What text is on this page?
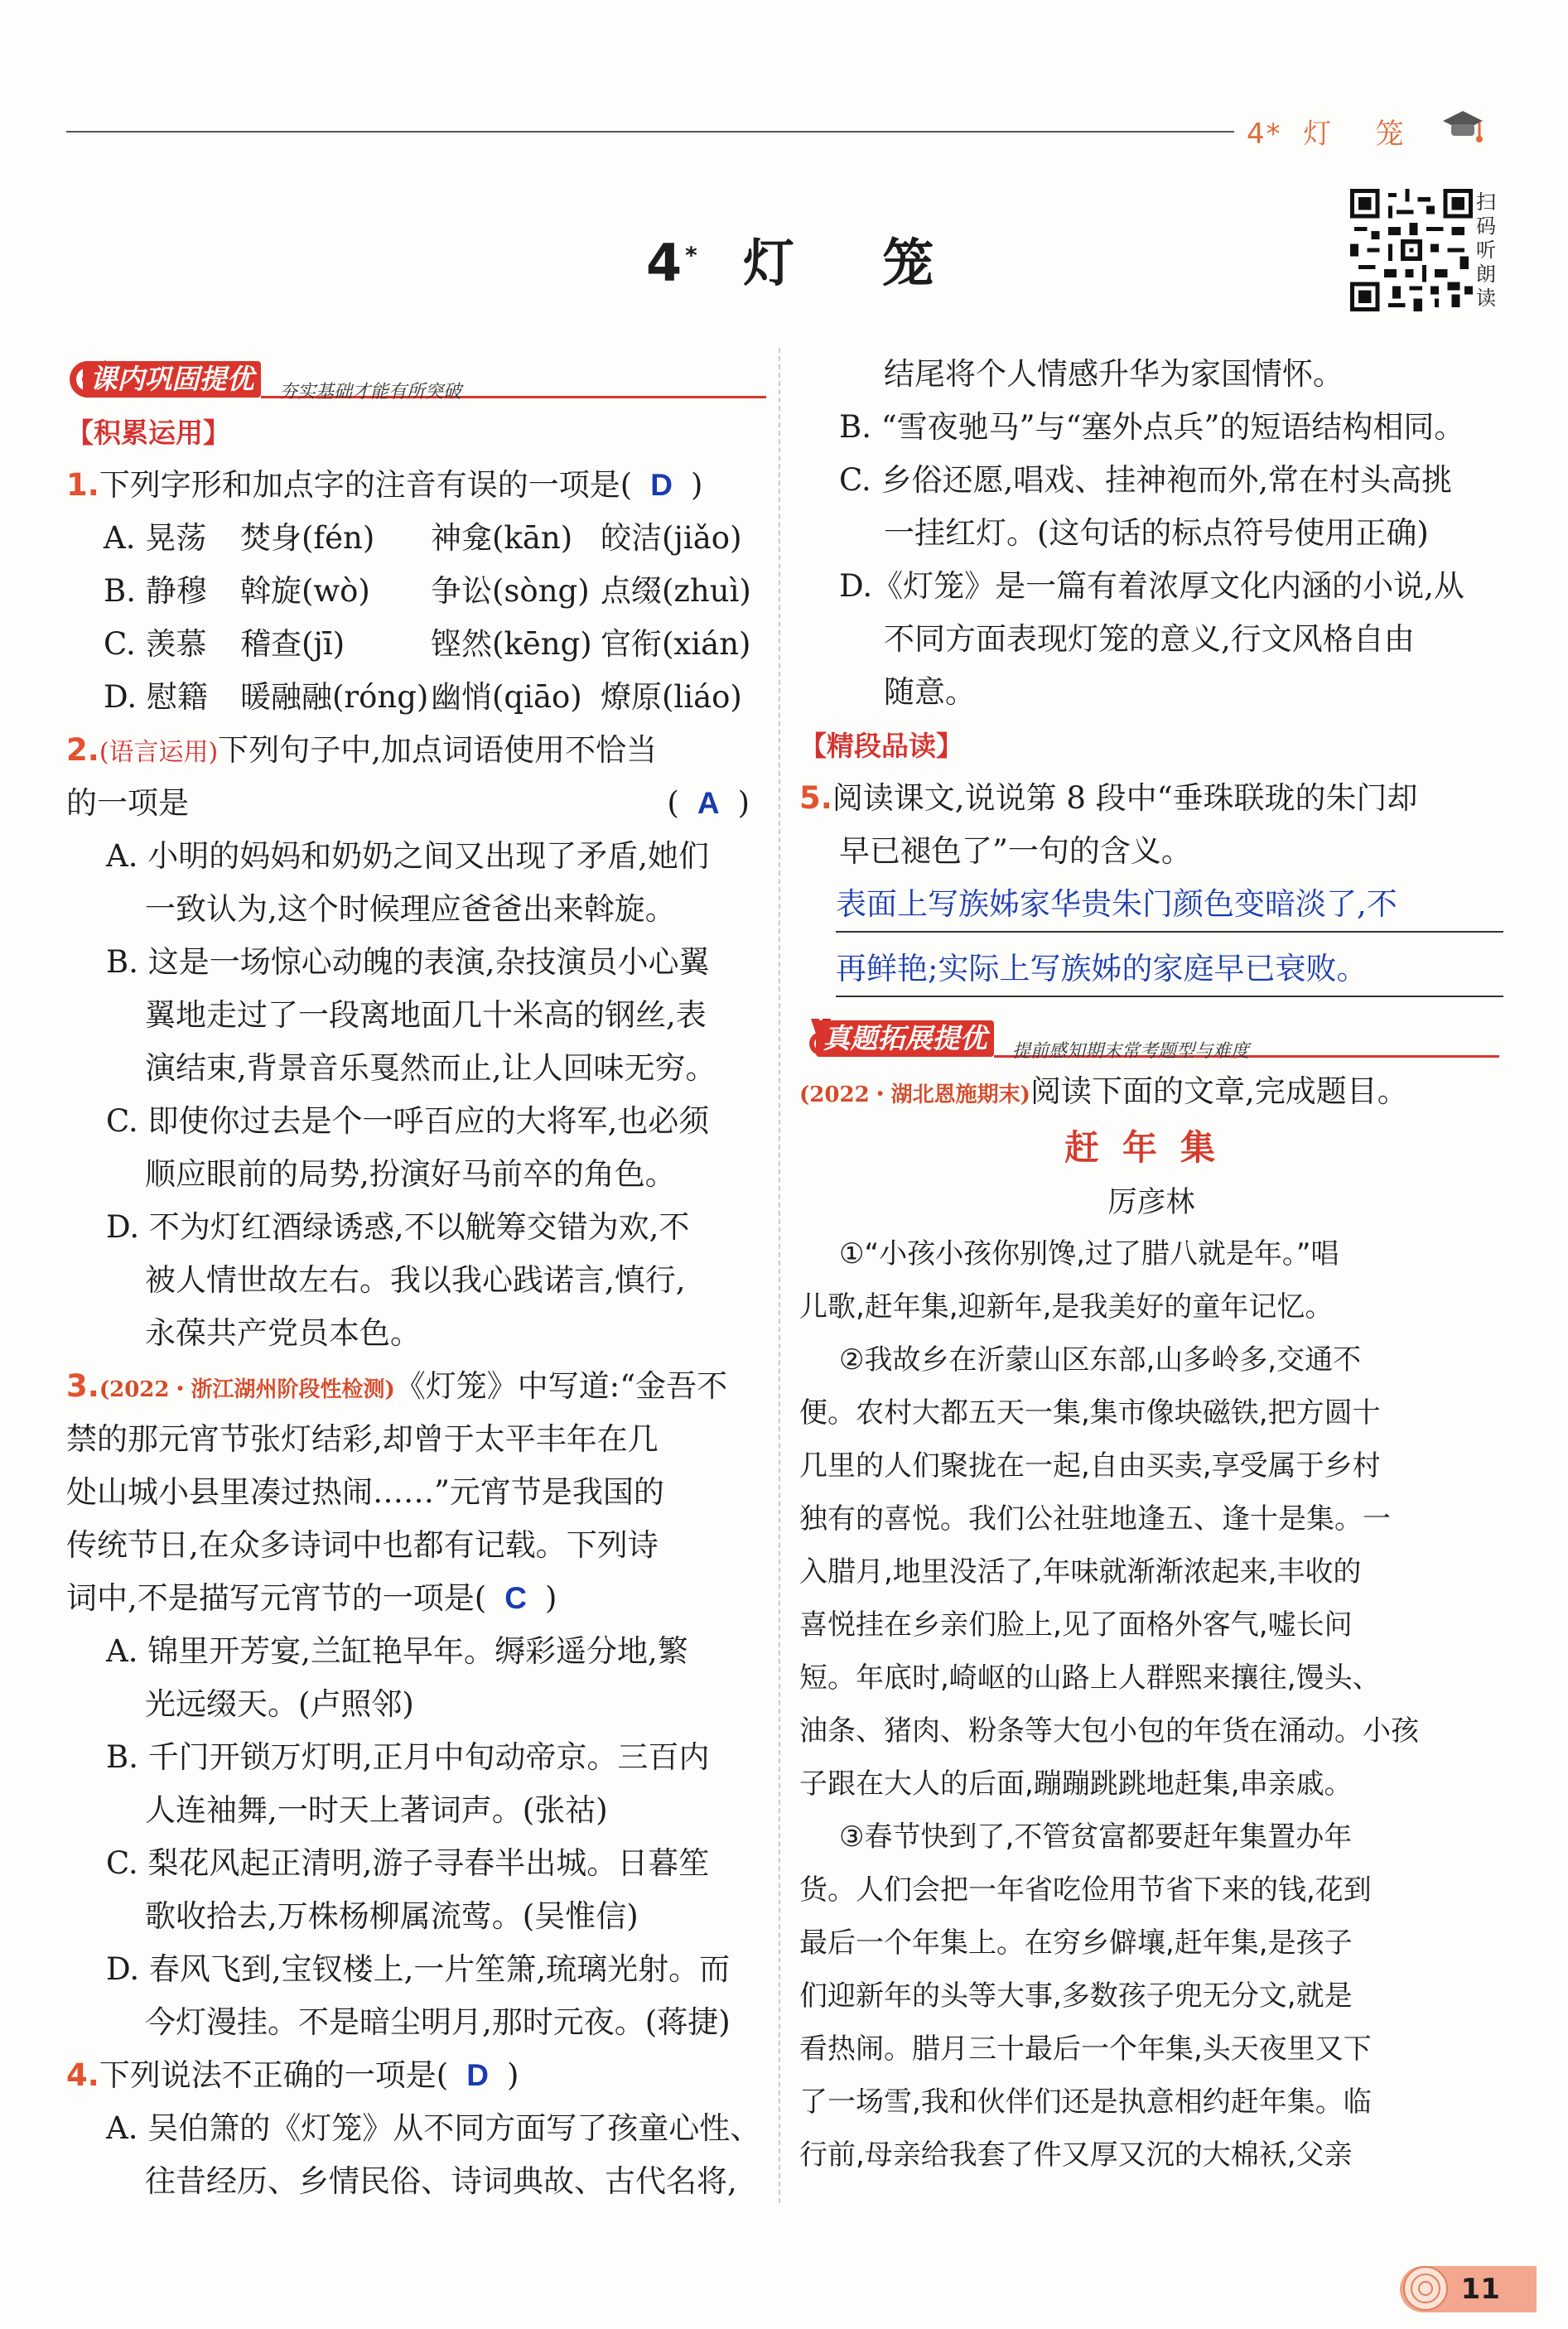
4*  灯    笼
4*  灯    笼
扫码听朗读
课内巩固提优	夯实基础才能有所突破
【积累运用】
1.下列字形和加点字的注音有误的一项是( D )
A. 晃荡	焚身(fén)	神龛(kān) 皎洁(jiǎo)
B. 静穆	斡旋(wò)	争讼(sòng) 点缀(zhuì)
C. 羡慕	稽查(jī)	铿然(kēng) 官衔(xián)
D. 慰籍	暖融融(róng) 幽悄(qiāo) 燎原(liáo)
2.(语言运用)下列句子中,加点词语使用不恰当
的一项是	( A )
A. 小明的妈妈和奶奶之间又出现了矛盾,她们
一致认为,这个时候理应爸爸出来斡旋。
B. 这是一场惊心动魄的表演,杂技演员小心翼
翼地走过了一段离地面几十米高的钢丝,表
演结束,背景音乐戛然而止,让人回味无穷。
C. 即使你过去是个一呼百应的大将军,也必须
顺应眼前的局势,扮演好马前卒的角色。
D. 不为灯红酒绿诱惑,不以觥筹交错为欢,不
被人情世故左右。我以我心践诺言,慎行,
永葆共产党员本色。
3.(2022・浙江湖州阶段性检测)《灯笼》中写道:“金吾不
禁的那元宵节张灯结彩,却曾于太平丰年在几
处山城小县里凑过热闹……”元宵节是我国的
传统节日,在众多诗词中也都有记载。下列诗
词中,不是描写元宵节的一项是( C )
A. 锦里开芳宴,兰缸艳早年。缛彩遥分地,繁
光远缀天。(卢照邻)
B. 千门开锁万灯明,正月中旬动帝京。三百内
人连袖舞,一时天上著词声。(张祜)
C. 梨花风起正清明,游子寻春半出城。日暮笙
歌收拾去,万株杨柳属流莺。(吴惟信)
D. 春风飞到,宝钗楼上,一片笙箫,琉璃光射。而
今灯漫挂。不是暗尘明月,那时元夜。(蒋捷)
4.下列说法不正确的一项是( D )
A. 吴伯箫的《灯笼》从不同方面写了孩童心性、
往昔经历、乡情民俗、诗词典故、古代名将,
结尾将个人情感升华为家国情怀。
B. “雪夜驰马”与“塞外点兵”的短语结构相同。
C. 乡俗还愿,唱戏、挂神袍而外,常在村头高挑
一挂红灯。(这句话的标点符号使用正确)
D.《灯笼》是一篇有着浓厚文化内涵的小说,从
不同方面表现灯笼的意义,行文风格自由
随意。
【精段品读】
5.阅读课文,说说第 8 段中“垂珠联珑的朱门却
早已褪色了”一句的含义。
表面上写族姊家华贵朱门颜色变暗淡了,不
再鲜艳;实际上写族姊的家庭早已衰败。
真题拓展提优	提前感知期末常考题型与难度
(2022・湖北恩施期末)阅读下面的文章,完成题目。
赶年集
厉彦林
①“小孩小孩你别馋,过了腊八就是年。”唱
儿歌,赶年集,迎新年,是我美好的童年记忆。
②我故乡在沂蒙山区东部,山多岭多,交通不
便。农村大都五天一集,集市像块磁铁,把方圆十
几里的人们聚拢在一起,自由买卖,享受属于乡村
独有的喜悦。我们公社驻地逢五、逢十是集。一
入腊月,地里没活了,年味就渐渐浓起来,丰收的
喜悦挂在乡亲们脸上,见了面格外客气,嘘长问
短。年底时,崎岖的山路上人群熙来攘往,馒头、
油条、猪肉、粉条等大包小包的年货在涌动。小孩
子跟在大人的后面,蹦蹦跳跳地赶集,串亲戚。
③春节快到了,不管贫富都要赶年集置办年
货。人们会把一年省吃俭用节省下来的钱,花到
最后一个年集上。在穷乡僻壤,赶年集,是孩子
们迎新年的头等大事,多数孩子兜无分文,就是
看热闹。腊月三十最后一个年集,头天夜里又下
了一场雪,我和伙伴们还是执意相约赶年集。临
行前,母亲给我套了件又厚又沉的大棉袄,父亲
11
